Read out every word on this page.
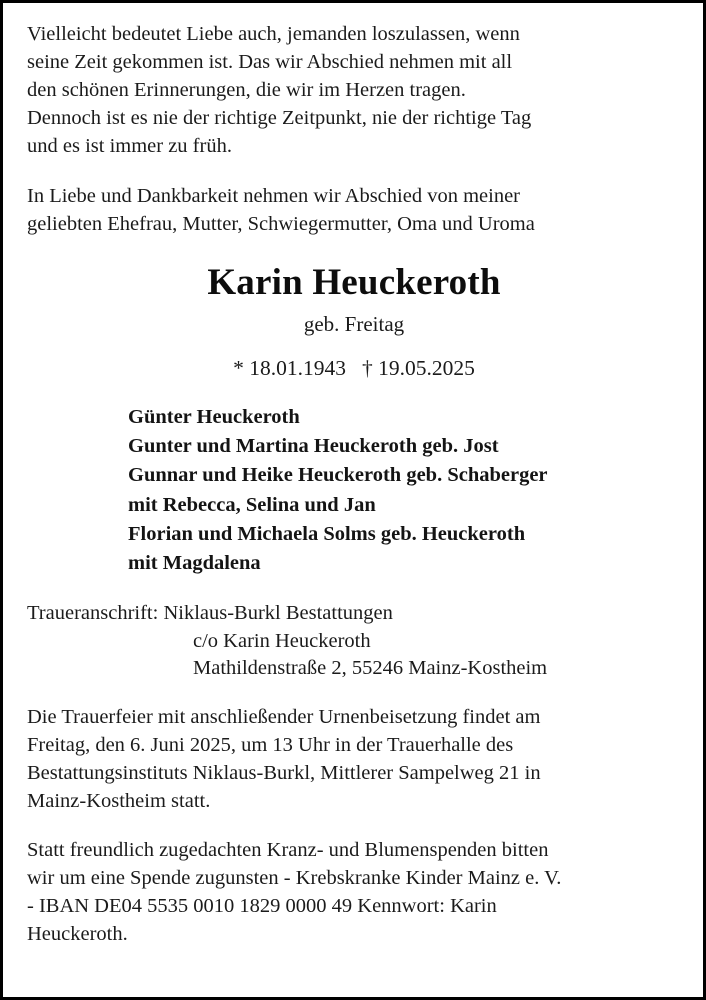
Vielleicht bedeutet Liebe auch, jemanden loszulassen, wenn
seine Zeit gekommen ist. Das wir Abschied nehmen mit all
den schönen Erinnerungen, die wir im Herzen tragen.
Dennoch ist es nie der richtige Zeitpunkt, nie der richtige Tag
und es ist immer zu früh.
In Liebe und Dankbarkeit nehmen wir Abschied von meiner
geliebten Ehefrau, Mutter, Schwiegermutter, Oma und Uroma
Karin Heuckeroth
geb. Freitag
* 18.01.1943 † 19.05.2025
Günter Heuckeroth
Gunter und Martina Heuckeroth geb. Jost
Gunnar und Heike Heuckeroth geb. Schaberger
mit Rebecca, Selina und Jan
Florian und Michaela Solms geb. Heuckeroth
mit Magdalena
Traueranschrift: Niklaus-Burkl Bestattungen
c/o Karin Heuckeroth
Mathildenstraße 2, 55246 Mainz-Kostheim
Die Trauerfeier mit anschließender Urnenbeisetzung findet am
Freitag, den 6. Juni 2025, um 13 Uhr in der Trauerhalle des
Bestattungsinstituts Niklaus-Burkl, Mittlerer Sampelweg 21 in
Mainz-Kostheim statt.
Statt freundlich zugedachten Kranz- und Blumenspenden bitten
wir um eine Spende zugunsten - Krebskranke Kinder Mainz e. V.
- IBAN DE04 5535 0010 1829 0000 49 Kennwort: Karin
Heuckeroth.
